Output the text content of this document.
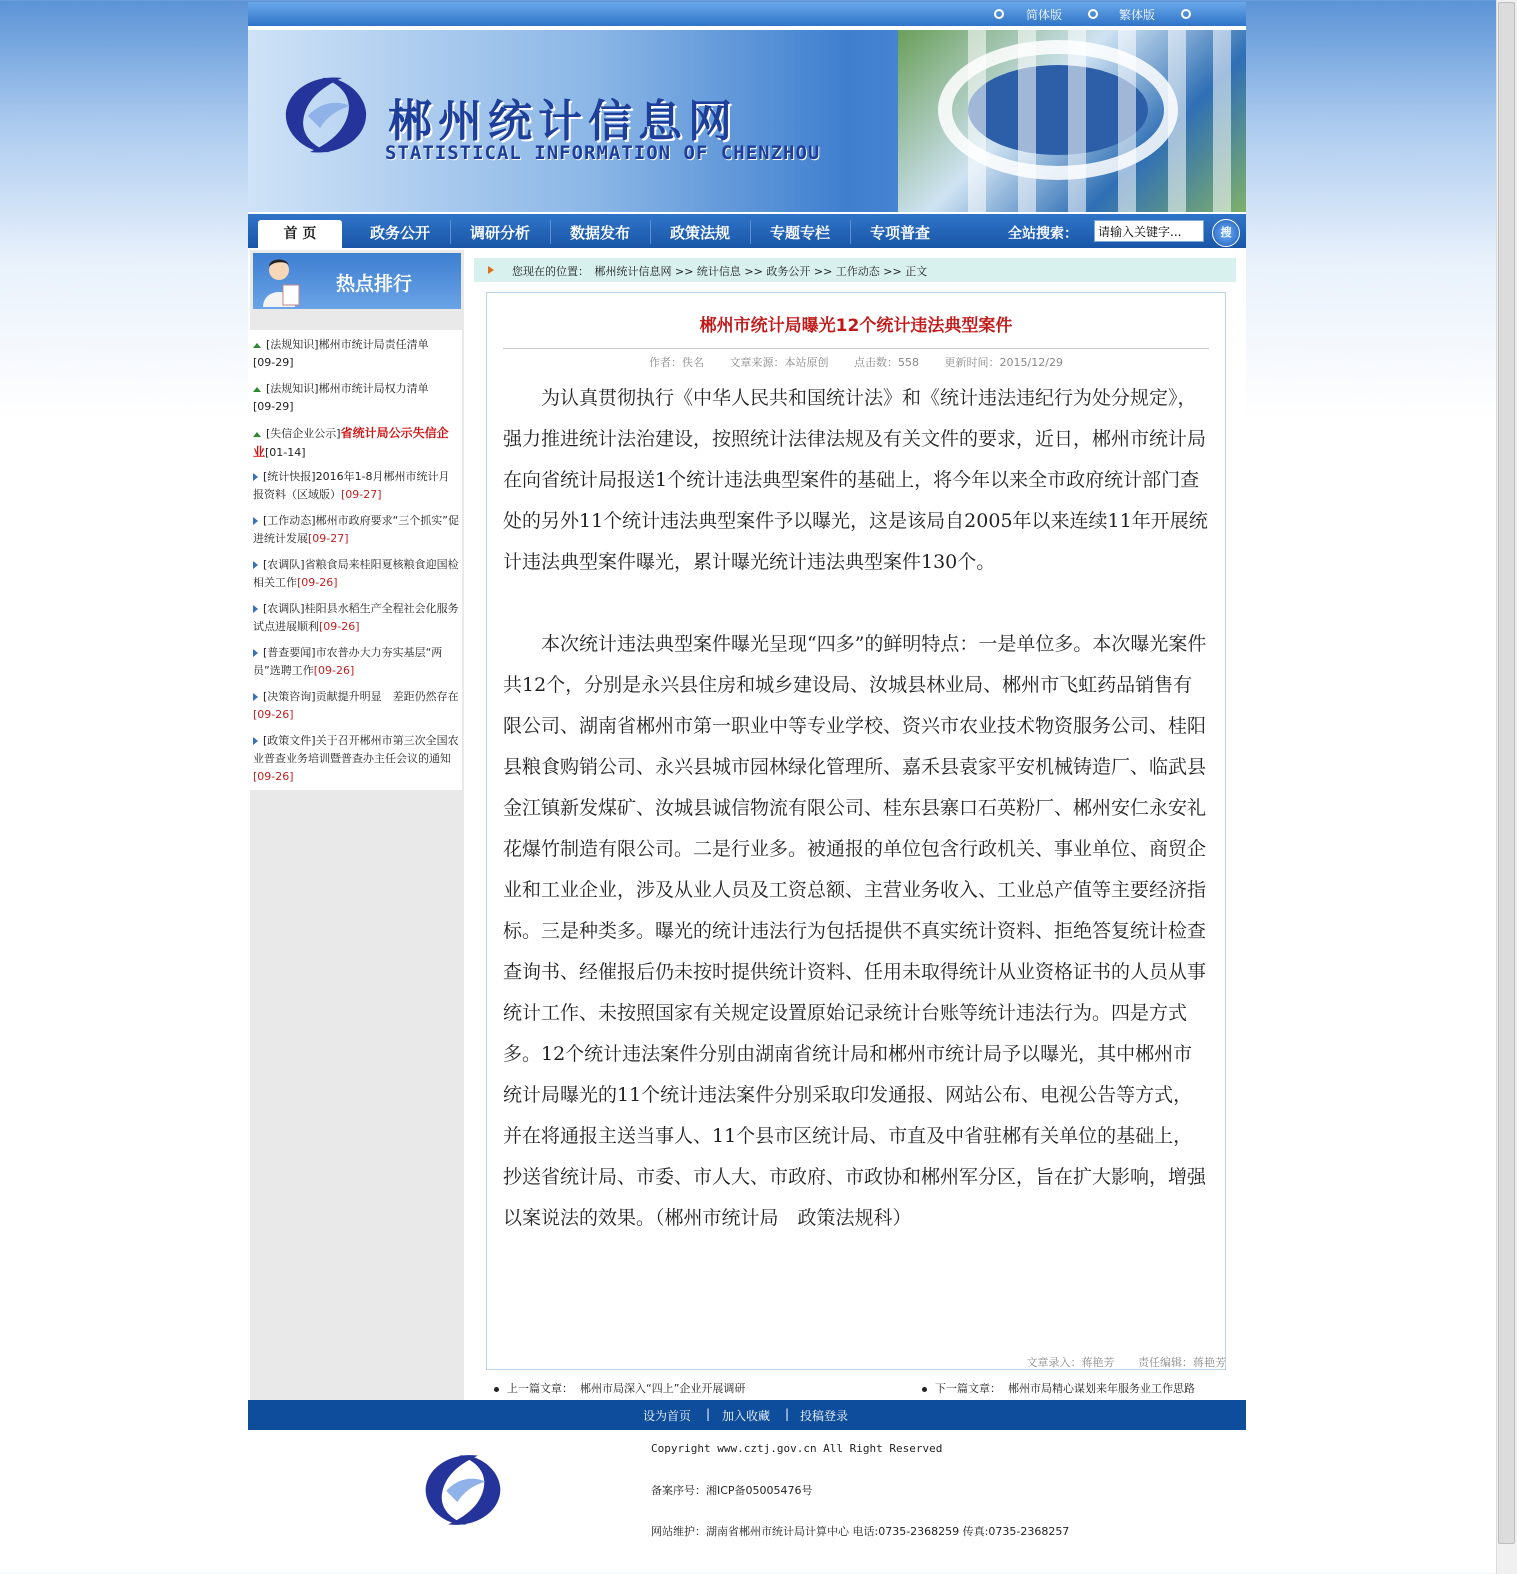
简体版	繁体版
郴州统计信息网
STATISTICAL INFORMATION OF CHENZHOU
首 页	政务公开	调研分析	数据发布	政策法规	专题专栏	专项普查	全站搜索：
请输入关键字...	搜
热点排行
[法规知识]郴州市统计局责任清单
[09-29]
[法规知识]郴州市统计局权力清单
[09-29]
[失信企业公示]省统计局公示失信企业[01-14]
[统计快报]2016年1-8月郴州市统计月报资料（区域版）[09-27]
[工作动态]郴州市政府要求“三个抓实”促进统计发展[09-27]
[农调队]省粮食局来桂阳夏核粮食迎国检相关工作[09-26]
[农调队]桂阳县水稻生产全程社会化服务试点进展顺利[09-26]
[普查要闻]市农普办大力夯实基层“两员”选聘工作[09-26]
[决策咨询]贡献提升明显　差距仍然存在[09-26]
[政策文件]关于召开郴州市第三次全国农业普查业务培训暨普查办主任会议的通知[09-26]
您现在的位置：　郴州统计信息网 >> 统计信息 >> 政务公开 >> 工作动态 >> 正文
郴州市统计局曝光12个统计违法典型案件
作者：佚名 文章来源：本站原创 点击数：558 更新时间：2015/12/29

为认真贯彻执行《中华人民共和国统计法》和《统计违法违纪行为处分规定》，强力推进统计法治建设，按照统计法律法规及有关文件的要求，近日，郴州市统计局在向省统计局报送1个统计违法典型案件的基础上，将今年以来全市政府统计部门查处的另外11个统计违法典型案件予以曝光，这是该局自2005年以来连续11年开展统计违法典型案件曝光，累计曝光统计违法典型案件130个。

本次统计违法典型案件曝光呈现“四多”的鲜明特点：一是单位多。本次曝光案件共12个，分别是永兴县住房和城乡建设局、汝城县林业局、郴州市飞虹药品销售有限公司、湖南省郴州市第一职业中等专业学校、资兴市农业技术物资服务公司、桂阳县粮食购销公司、永兴县城市园林绿化管理所、嘉禾县袁家平安机械铸造厂、临武县金江镇新发煤矿、汝城县诚信物流有限公司、桂东县寨口石英粉厂、郴州安仁永安礼花爆竹制造有限公司。二是行业多。被通报的单位包含行政机关、事业单位、商贸企业和工业企业，涉及从业人员及工资总额、主营业务收入、工业总产值等主要经济指标。三是种类多。曝光的统计违法行为包括提供不真实统计资料、拒绝答复统计检查查询书、经催报后仍未按时提供统计资料、任用未取得统计从业资格证书的人员从事统计工作、未按照国家有关规定设置原始记录统计台账等统计违法行为。四是方式多。12个统计违法案件分别由湖南省统计局和郴州市统计局予以曝光，其中郴州市统计局曝光的11个统计违法案件分别采取印发通报、网站公布、电视公告等方式，并在将通报主送当事人、11个县市区统计局、市直及中省驻郴有关单位的基础上，抄送省统计局、市委、市人大、市政府、市政协和郴州军分区，旨在扩大影响，增强以案说法的效果。（郴州市统计局　政策法规科）

文章录入：蒋艳芳 责任编辑：蒋艳芳
上一篇文章： 郴州市局深入“四上”企业开展调研	下一篇文章： 郴州市局精心谋划来年服务业工作思路
设为首页 | 加入收藏 | 投稿登录
Copyright www.cztj.gov.cn All Right Reserved
备案序号：湘ICP备05005476号
网站维护：湖南省郴州市统计局计算中心 电话:0735-2368259 传真:0735-2368257
